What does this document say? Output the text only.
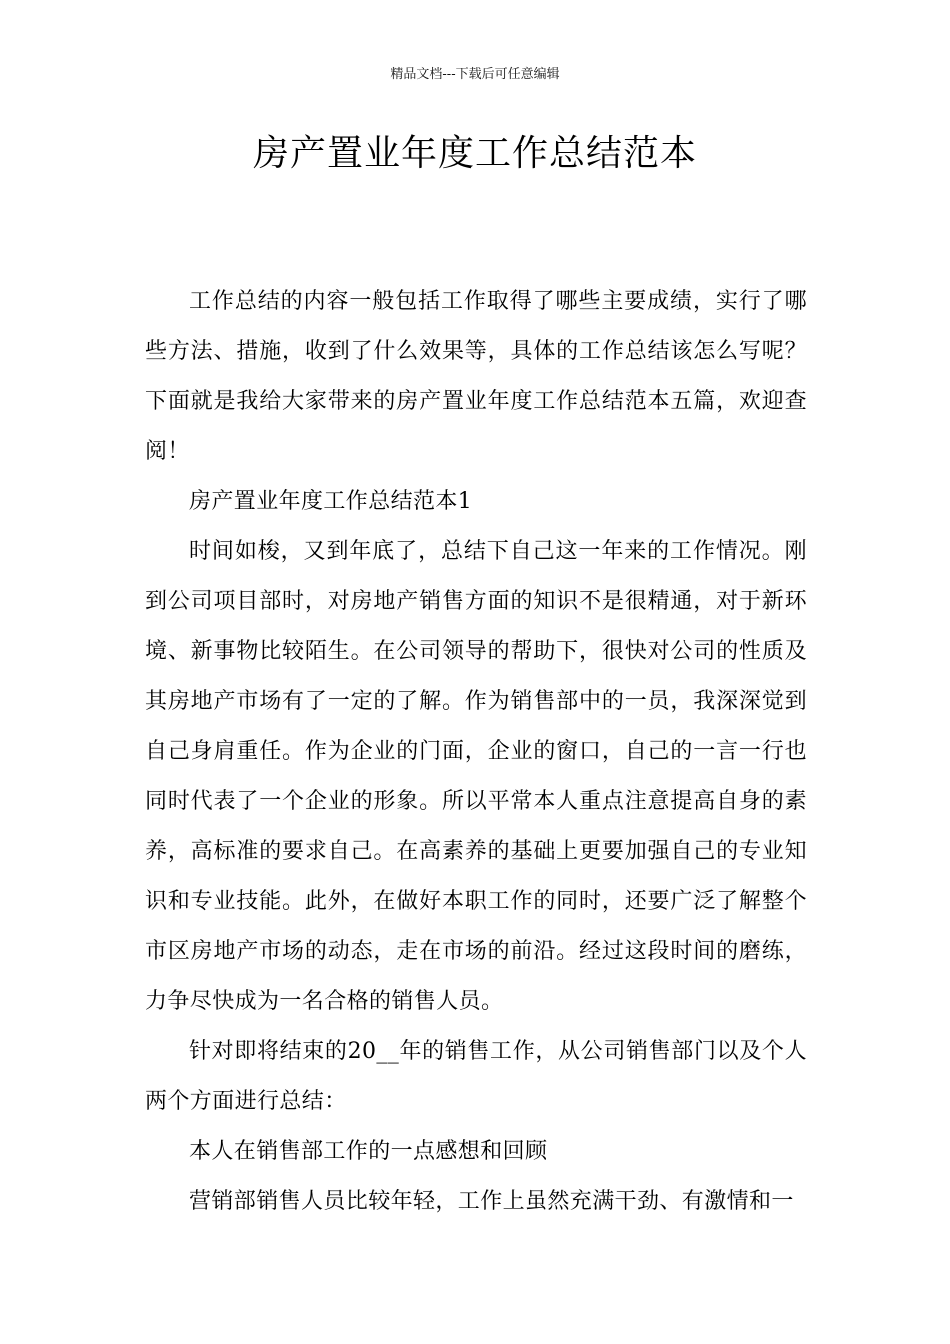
精品文档---下载后可任意编辑
房产置业年度工作总结范本

工作总结的内容一般包括工作取得了哪些主要成绩，实行了哪些方法、措施，收到了什么效果等，具体的工作总结该怎么写呢？下面就是我给大家带来的房产置业年度工作总结范本五篇，欢迎查阅！

房产置业年度工作总结范本1

时间如梭，又到年底了，总结下自己这一年来的工作情况。刚到公司项目部时，对房地产销售方面的知识不是很精通，对于新环境、新事物比较陌生。在公司领导的帮助下，很快对公司的性质及其房地产市场有了一定的了解。作为销售部中的一员，我深深觉到自己身肩重任。作为企业的门面，企业的窗口，自己的一言一行也同时代表了一个企业的形象。所以平常本人重点注意提高自身的素养，高标准的要求自己。在高素养的基础上更要加强自己的专业知识和专业技能。此外，在做好本职工作的同时，还要广泛了解整个市区房地产市场的动态，走在市场的前沿。经过这段时间的磨练，力争尽快成为一名合格的销售人员。

针对即将结束的20__年的销售工作，从公司销售部门以及个人两个方面进行总结：

本人在销售部工作的一点感想和回顾

营销部销售人员比较年轻，工作上虽然充满干劲、有激情和一
